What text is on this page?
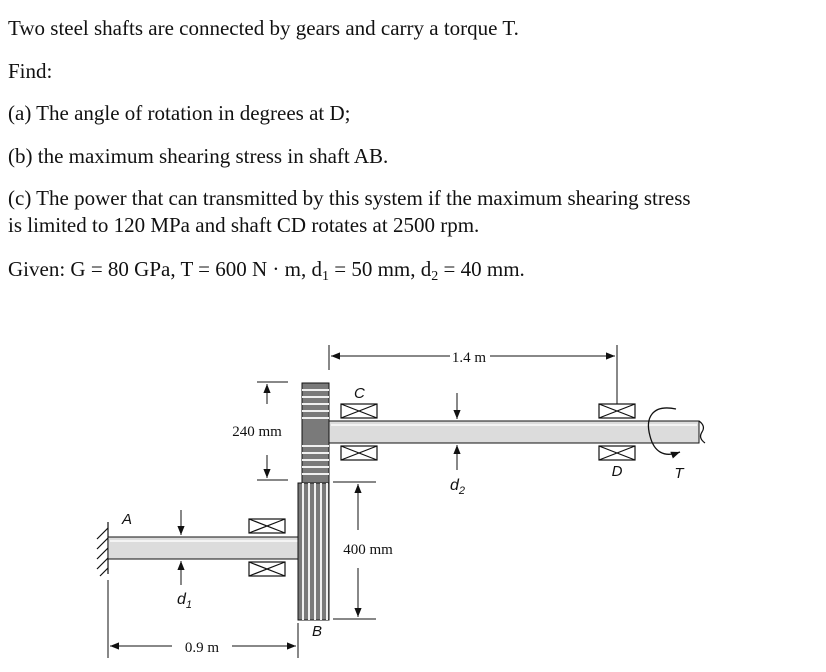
Two steel shafts are connected by gears and carry a torque T.
Find:
(a) The angle of rotation in degrees at D;
(b) the maximum shearing stress in shaft AB.
(c) The power that can transmitted by this system if the maximum shearing stress
is limited to 120 MPa and shaft CD rotates at 2500 rpm.
Given: G = 80 GPa, T = 600 N · m, $d_1 = 50$ mm, $d_2 = 40$ mm.
1.4 m
240 mm
400 mm
0.9 m
$d_1$
$d_2$
A
B
C
D	T
